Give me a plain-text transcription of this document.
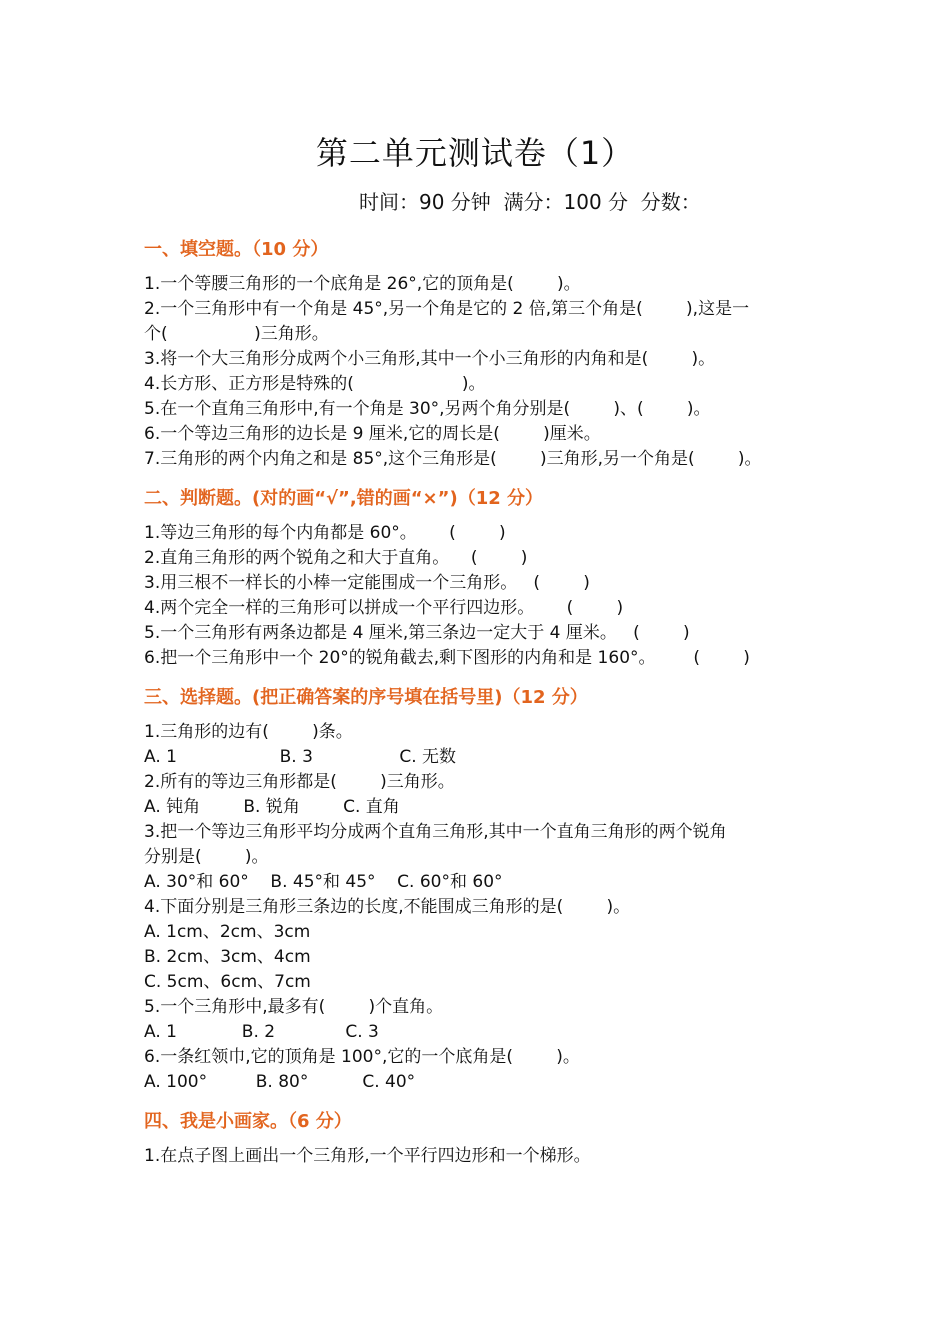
第二单元测试卷（1）

时间：90 分钟  满分：100 分  分数：

一、填空题。（10 分）
1.一个等腰三角形的一个底角是 26°,它的顶角是(        )。
2.一个三角形中有一个角是 45°,另一个角是它的 2 倍,第三个角是(        ),这是一
个(                )三角形。
3.将一个大三角形分成两个小三角形,其中一个小三角形的内角和是(        )。
4.长方形、正方形是特殊的(                    )。
5.在一个直角三角形中,有一个角是 30°,另两个角分别是(        )、(        )。
6.一个等边三角形的边长是 9 厘米,它的周长是(        )厘米。
7.三角形的两个内角之和是 85°,这个三角形是(        )三角形,另一个角是(        )。
二、判断题。(对的画“√”,错的画“×”)（12 分）
1.等边三角形的每个内角都是 60°。      (        )
2.直角三角形的两个锐角之和大于直角。    (        )
3.用三根不一样长的小棒一定能围成一个三角形。   (        )
4.两个完全一样的三角形可以拼成一个平行四边形。      (        )
5.一个三角形有两条边都是 4 厘米,第三条边一定大于 4 厘米。   (        )
6.把一个三角形中一个 20°的锐角截去,剩下图形的内角和是 160°。       (        )
三、选择题。(把正确答案的序号填在括号里)（12 分）
1.三角形的边有(        )条。
A. 1                   B. 3                C. 无数
2.所有的等边三角形都是(        )三角形。
A. 钝角        B. 锐角        C. 直角
3.把一个等边三角形平均分成两个直角三角形,其中一个直角三角形的两个锐角
分别是(        )。
A. 30°和 60°    B. 45°和 45°    C. 60°和 60°
4.下面分别是三角形三条边的长度,不能围成三角形的是(        )。
A. 1cm、2cm、3cm
B. 2cm、3cm、4cm
C. 5cm、6cm、7cm
5.一个三角形中,最多有(        )个直角。
A. 1            B. 2             C. 3
6.一条红领巾,它的顶角是 100°,它的一个底角是(        )。
A. 100°         B. 80°          C. 40°
四、我是小画家。（6 分）
1.在点子图上画出一个三角形,一个平行四边形和一个梯形。
